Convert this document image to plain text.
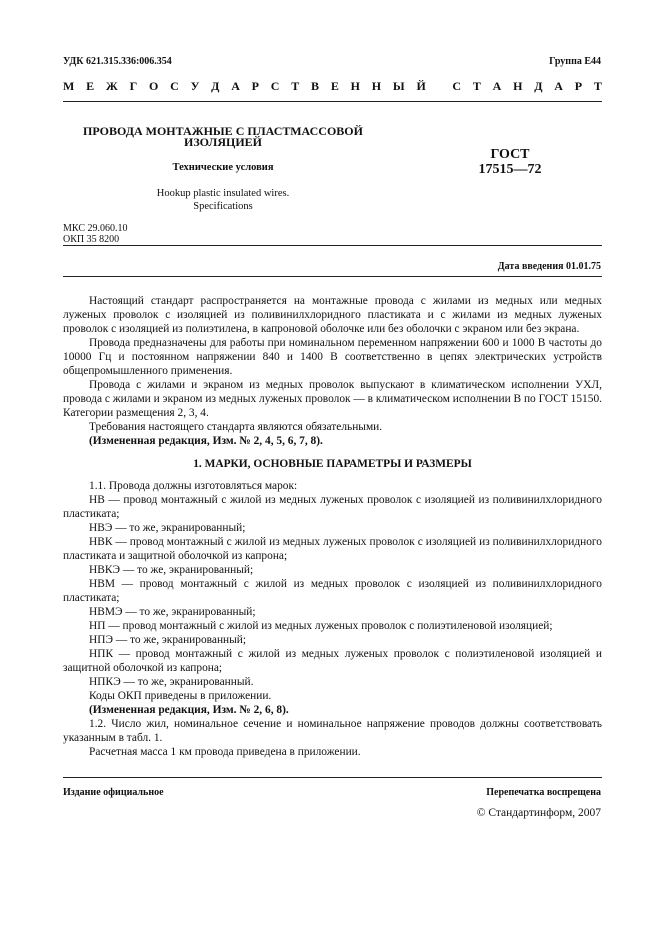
УДК 621.315.336:006.354	Группа Е44
М Е Ж Г О С У Д А Р С Т В Е Н Н Ы Й
С Т А Н Д А Р Т
ПРОВОДА МОНТАЖНЫЕ С ПЛАСТМАССОВОЙ
ИЗОЛЯЦИЕЙ
Технические условия
Hookup plastic insulated wires.
Specifications
ГОСТ
17515—72
МКС 29.060.10
ОКП 35 8200
Дата введения 01.01.75

Настоящий стандарт распространяется на монтажные провода с жилами из медных или медных луженых проволок с изоляцией из поливинилхлоридного пластиката и с жилами из медных луженых проволок с изоляцией из полиэтилена, в капроновой оболочке или без оболочки с экраном или без экрана.

Провода предназначены для работы при номинальном переменном напряжении 600 и 1000 В частоты до 10000 Гц и постоянном напряжении 840 и 1400 В соответственно в цепях электрических устройств общепромышленного применения.

Провода с жилами и экраном из медных проволок выпускают в климатическом исполнении УХЛ, провода с жилами и экраном из медных луженых проволок — в климатическом исполнении В по ГОСТ 15150. Категории размещения 2, 3, 4.

Требования настоящего стандарта являются обязательными.

(Измененная редакция, Изм. № 2, 4, 5, 6, 7, 8).

1. МАРКИ, ОСНОВНЫЕ ПАРАМЕТРЫ И РАЗМЕРЫ

1.1. Провода должны изготовляться марок:

НВ — провод монтажный с жилой из медных луженых проволок с изоляцией из поливинилхлоридного пластиката;

НВЭ — то же, экранированный;

НВК — провод монтажный с жилой из медных луженых проволок с изоляцией из поливинилхлоридного пластиката и защитной оболочкой из капрона;

НВКЭ — то же, экранированный;

НВМ — провод монтажный с жилой из медных проволок с изоляцией из поливинилхлоридного пластиката;

НВМЭ — то же, экранированный;

НП — провод монтажный с жилой из медных луженых проволок с полиэтиленовой изоляцией;

НПЭ — то же, экранированный;

НПК — провод монтажный с жилой из медных луженых проволок с полиэтиленовой изоляцией и защитной оболочкой из капрона;

НПКЭ — то же, экранированный.

Коды ОКП приведены в приложении.

(Измененная редакция, Изм. № 2, 6, 8).

1.2. Число жил, номинальное сечение и номинальное напряжение проводов должны соответствовать указанным в табл. 1.

Расчетная масса 1 км провода приведена в приложении.

Издание официальное	Перепечатка воспрещена
© Стандартинформ, 2007
